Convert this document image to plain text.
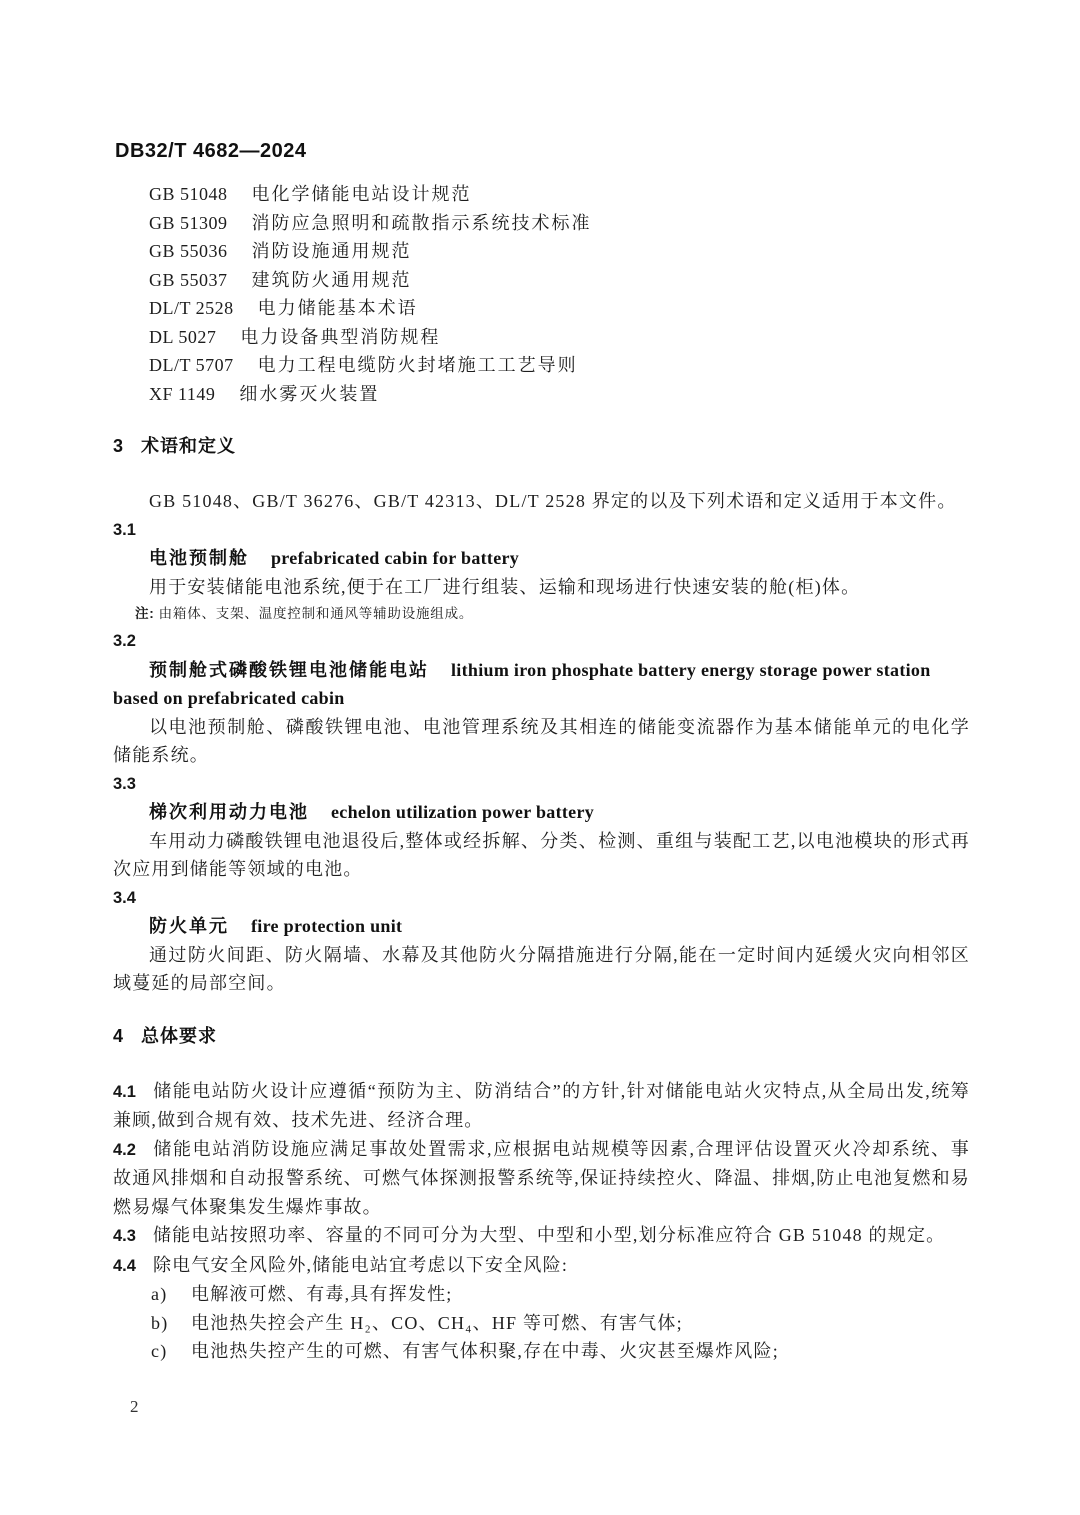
DB32/T 4682—2024
GB 51048 电化学储能电站设计规范
GB 51309 消防应急照明和疏散指示系统技术标准
GB 55036 消防设施通用规范
GB 55037 建筑防火通用规范
DL/T 2528 电力储能基本术语
DL 5027 电力设备典型消防规程
DL/T 5707 电力工程电缆防火封堵施工工艺导则
XF 1149 细水雾灭火装置
3 术语和定义

GB 51048、GB/T 36276、GB/T 42313、DL/T 2528 界定的以及下列术语和定义适用于本文件。

3.1

电池预制舱 prefabricated cabin for battery

用于安装储能电池系统,便于在工厂进行组装、运输和现场进行快速安装的舱(柜)体。

注: 由箱体、支架、温度控制和通风等辅助设施组成。

3.2

预制舱式磷酸铁锂电池储能电站 lithium iron phosphate battery energy storage power station based on prefabricated cabin

以电池预制舱、磷酸铁锂电池、电池管理系统及其相连的储能变流器作为基本储能单元的电化学储能系统。

3.3

梯次利用动力电池 echelon utilization power battery

车用动力磷酸铁锂电池退役后,整体或经拆解、分类、检测、重组与装配工艺,以电池模块的形式再次应用到储能等领域的电池。

3.4

防火单元 fire protection unit

通过防火间距、防火隔墙、水幕及其他防火分隔措施进行分隔,能在一定时间内延缓火灾向相邻区域蔓延的局部空间。

4 总体要求

4.1 储能电站防火设计应遵循“预防为主、防消结合”的方针,针对储能电站火灾特点,从全局出发,统筹兼顾,做到合规有效、技术先进、经济合理。

4.2 储能电站消防设施应满足事故处置需求,应根据电站规模等因素,合理评估设置灭火冷却系统、事故通风排烟和自动报警系统、可燃气体探测报警系统等,保证持续控火、降温、排烟,防止电池复燃和易燃易爆气体聚集发生爆炸事故。

4.3 储能电站按照功率、容量的不同可分为大型、中型和小型,划分标准应符合 GB 51048 的规定。

4.4 除电气安全风险外,储能电站宜考虑以下安全风险:

a)	电解液可燃、有毒,具有挥发性;
b)	电池热失控会产生 H₂、CO、CH₄、HF 等可燃、有害气体;
c)	电池热失控产生的可燃、有害气体积聚,存在中毒、火灾甚至爆炸风险;
2
